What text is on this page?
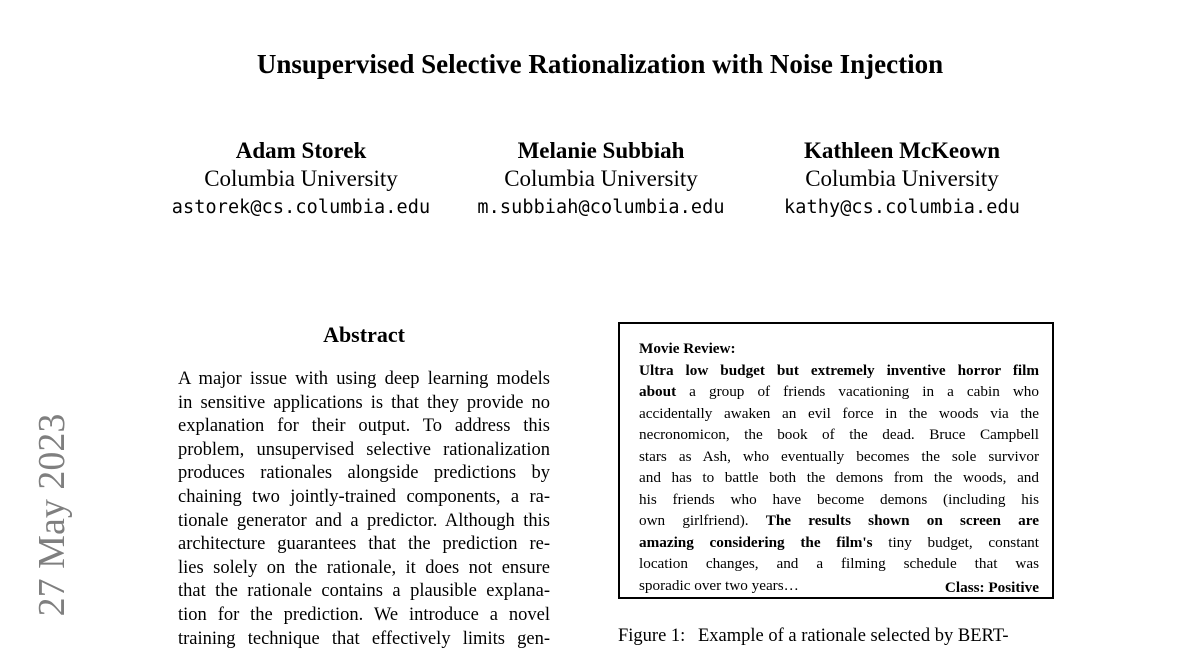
Unsupervised Selective Rationalization with Noise Injection
Adam Storek
Columbia University
astorek@cs.columbia.edu
Melanie Subbiah
Columbia University
m.subbiah@columbia.edu
Kathleen McKeown
Columbia University
kathy@cs.columbia.edu
27 May 2023
Abstract
A major issue with using deep learning models
in sensitive applications is that they provide no
explanation for their output. To address this
problem, unsupervised selective rationalization
produces rationales alongside predictions by
chaining two jointly-trained components, a ra-
tionale generator and a predictor. Although this
architecture guarantees that the prediction re-
lies solely on the rationale, it does not ensure
that the rationale contains a plausible explana-
tion for the prediction. We introduce a novel
training technique that effectively limits gen-
Movie Review:
Ultra low budget but extremely inventive horror film
about a group of friends vacationing in a cabin who
accidentally awaken an evil force in the woods via the
necronomicon, the book of the dead. Bruce Campbell
stars as Ash, who eventually becomes the sole survivor
and has to battle both the demons from the woods, and
his friends who have become demons (including his
own girlfriend). The results shown on screen are
amazing considering the film's tiny budget, constant
location changes, and a filming schedule that was
sporadic over two years…	Class: Positive
Figure 1: Example of a rationale selected by BERT-
